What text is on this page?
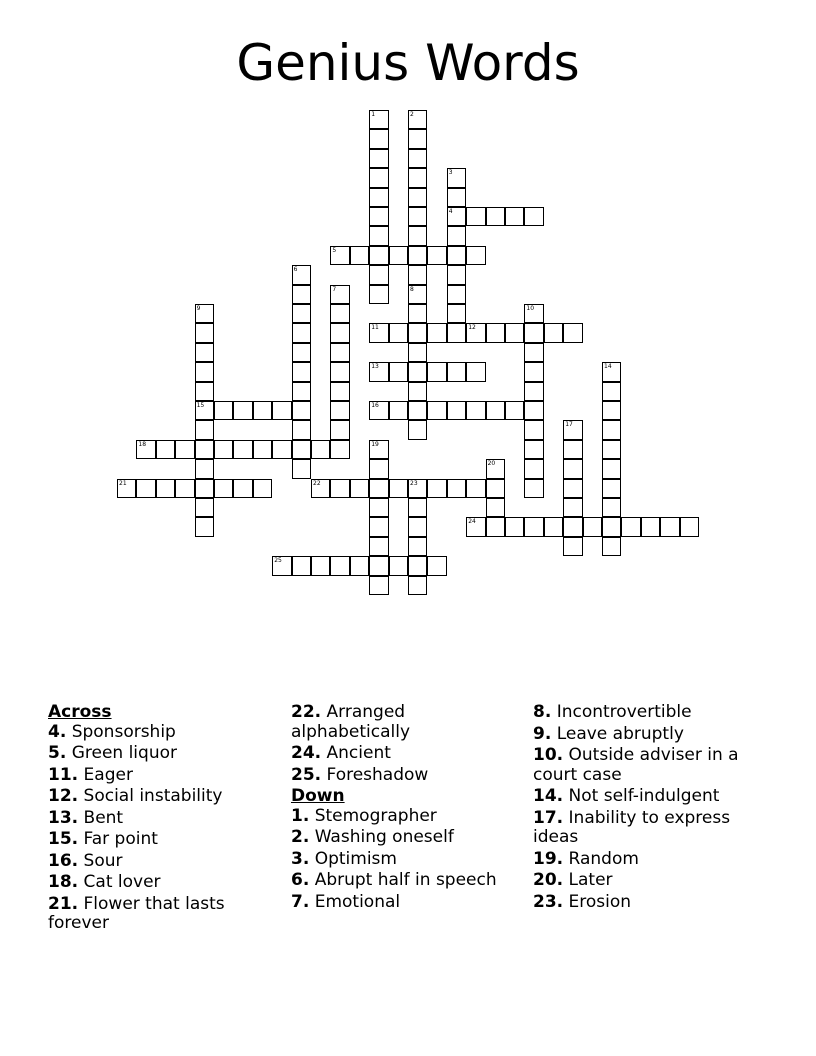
Genius Words
1	2
8
3
4
5
6
7
9
15
10
11	12
13	14
16
17
18	19
20
21	22	23
24
25
Across
4. Sponsorship
5. Green liquor
11. Eager
12. Social instability
13. Bent
15. Far point
16. Sour
18. Cat lover
21. Flower that lasts forever
22. Arranged alphabetically
24. Ancient
25. Foreshadow
Down
1. Stemographer
2. Washing oneself
3. Optimism
6. Abrupt half in speech
7. Emotional
8. Incontrovertible
9. Leave abruptly
10. Outside adviser in a court case
14. Not self-indulgent
17. Inability to express ideas
19. Random
20. Later
23. Erosion
